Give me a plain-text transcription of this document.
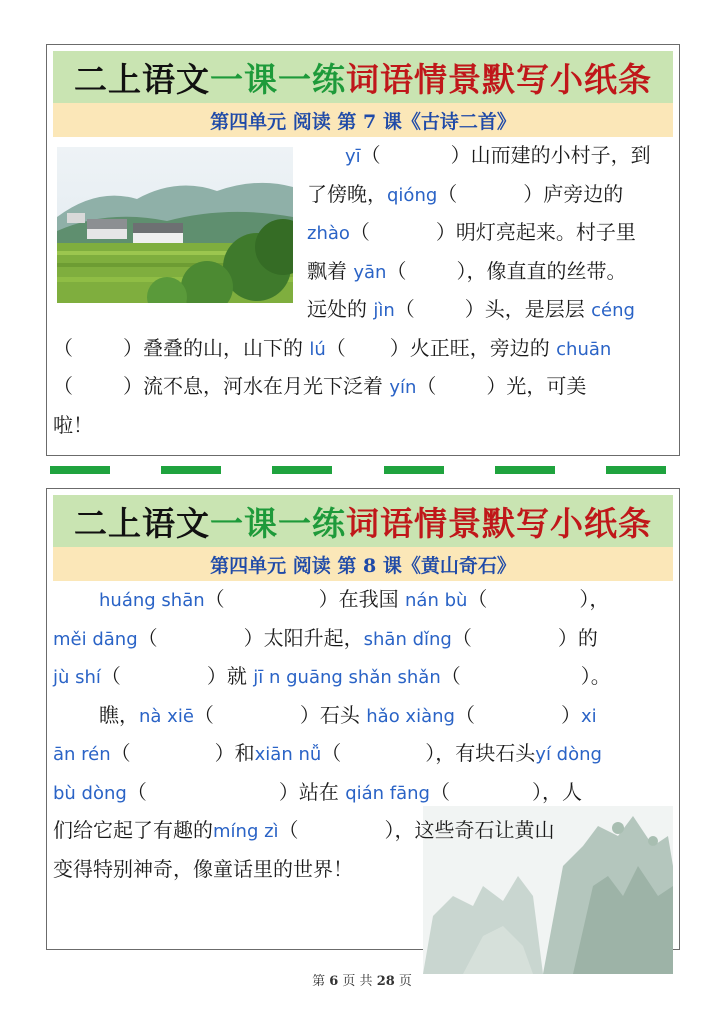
二上语文 一课一练 词语情景默写小纸条
第四单元 阅读 第 7 课《古诗二首》
yī（	）山而建的小村子，到
了傍晚，qióng（	）庐旁边的
zhào（	）明灯亮起来。村子里
飘着 yān（	），像直直的丝带。
远处的 jìn（	）头，是层层 céng
（	）叠叠的山，山下的 lú（ ）火正旺，旁边的 chuān
（	）流不息，河水在月光下泛着 yín（	）光，可美
啦！
二上语文 一课一练 词语情景默写小纸条
第四单元 阅读 第 8 课《黄山奇石》
huáng shān（	）在我国 nán bù（	），
měi dāng（	）太阳升起，shān dǐng（	）的
jù shí（	）就 jī n guāng shǎn shǎn（	）。
瞧，nà xiē（	）石头 hǎo xiàng（	）xi
ān rén（	）和xiān nǚ（	），有块石头yí dòng
bù dòng（	）站在 qián fāng（	），人
们给它起了有趣的míng zì（	），这些奇石让黄山
变得特别神奇，像童话里的世界！
第 6 页 共 28 页
